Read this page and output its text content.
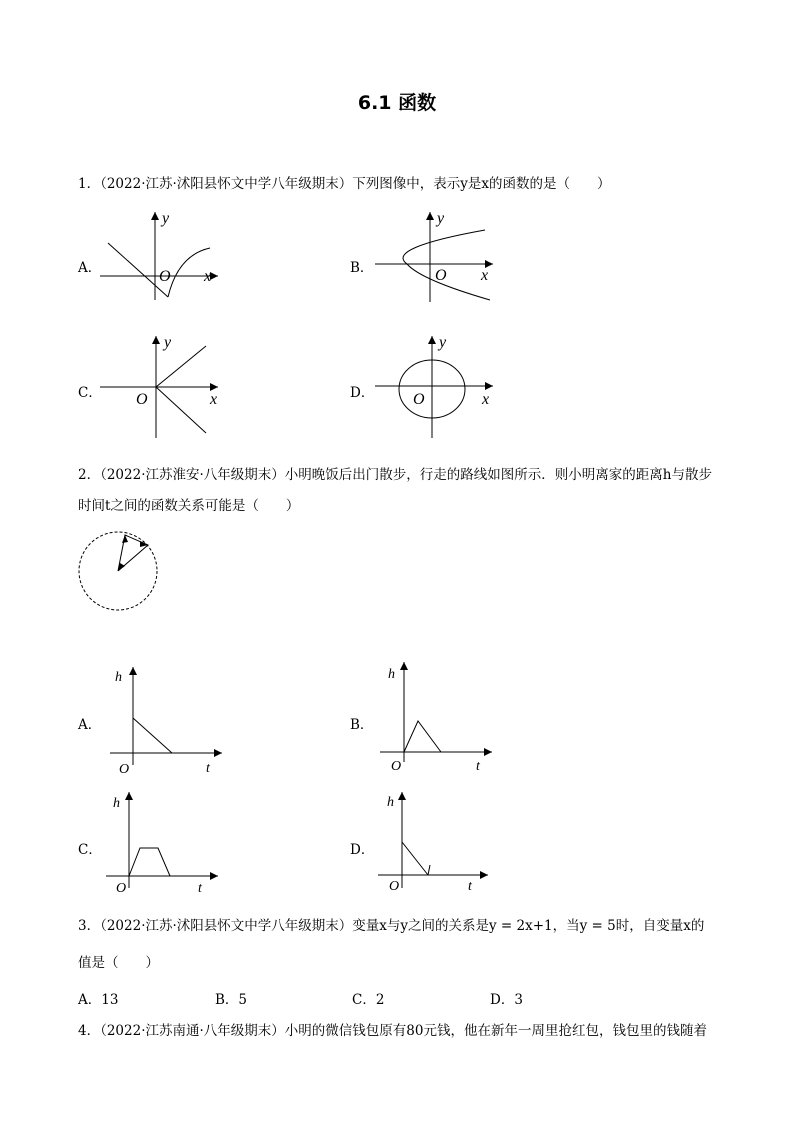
6.1 函数
1．（2022·江苏·沭阳县怀文中学八年级期末）下列图像中，表示y是x的函数的是（　　）
A．
y
x
O	B．
y
x
O
C．
y
x
O	D．
y
x
O
2．（2022·江苏淮安·八年级期末）小明晚饭后出门散步，行走的路线如图所示．则小明离家的距离h与散步
时间t之间的函数关系可能是（　　）
A．
h
t
O
B．
h
t
O
C．
h
t
O
D．
h
t
O
3．（2022·江苏·沭阳县怀文中学八年级期末）变量x与y之间的关系是y = 2x+1，当y = 5时，自变量x的
值是（　　）
A．13	B．5	C．2	D．3
4．（2022·江苏南通·八年级期末）小明的微信钱包原有80元钱，他在新年一周里抢红包，钱包里的钱随着
